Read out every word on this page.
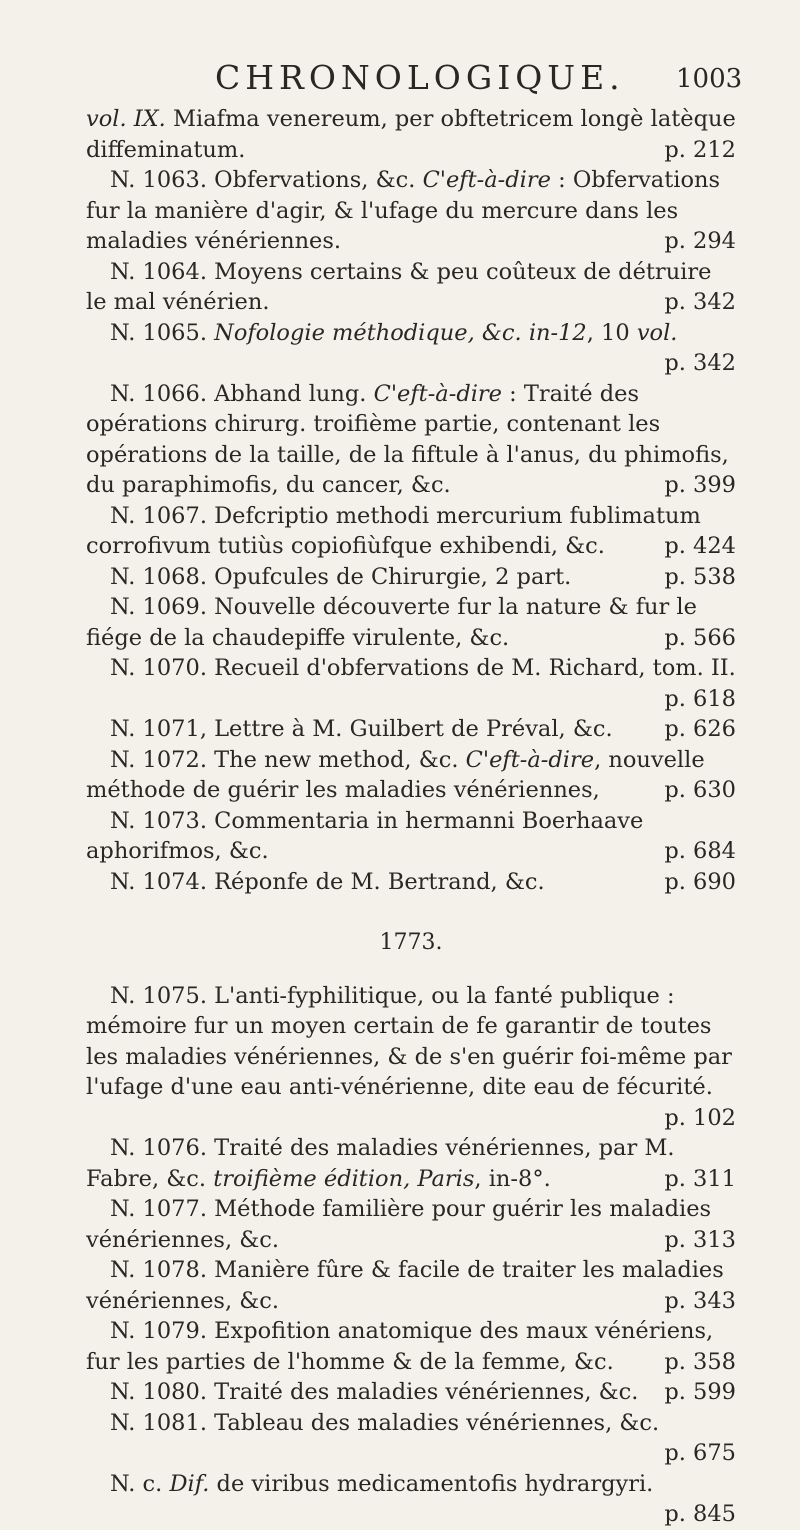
CHRONOLOGIQUE. 1003

vol. IX. Miafma venereum, per obftetricem longè latèque diffeminatum.	p. 212

N. 1063. Obfervations, &c. C'eft-à-dire : Obfervations fur la manière d'agir, & l'ufage du mercure dans les maladies vénériennes.	p. 294

N. 1064. Moyens certains & peu coûteux de détruire le mal vénérien.	p. 342

N. 1065. Nofologie méthodique, &c. in-12, 10 vol.

p. 342

N. 1066. Abhand lung. C'eft-à-dire : Traité des opérations chirurg. troifième partie, contenant les opérations de la taille, de la fiftule à l'anus, du phimofis, du paraphimofis, du cancer, &c.	p. 399

N. 1067. Defcriptio methodi mercurium fublimatum corrofivum tutiùs copiofiùfque exhibendi, &c.	p. 424

N. 1068. Opufcules de Chirurgie, 2 part.	p. 538

N. 1069. Nouvelle découverte fur la nature & fur le fiége de la chaudepiffe virulente, &c.	p. 566

N. 1070. Recueil d'obfervations de M. Richard, tom. II.

p. 618

N. 1071, Lettre à M. Guilbert de Préval, &c.	p. 626

N. 1072. The new method, &c. C'eft-à-dire, nouvelle méthode de guérir les maladies vénériennes,	p. 630

N. 1073. Commentaria in hermanni Boerhaave aphorifmos, &c.	p. 684

N. 1074. Réponfe de M. Bertrand, &c.	p. 690

1773.

N. 1075. L'anti-fyphilitique, ou la fanté publique : mémoire fur un moyen certain de fe garantir de toutes les maladies vénériennes, & de s'en guérir foi-même par l'ufage d'une eau anti-vénérienne, dite eau de fécurité.

p. 102

N. 1076. Traité des maladies vénériennes, par M. Fabre, &c. troifième édition, Paris, in-8°.	p. 311

N. 1077. Méthode familière pour guérir les maladies vénériennes, &c.	p. 313

N. 1078. Manière fûre & facile de traiter les maladies vénériennes, &c.	p. 343

N. 1079. Expofition anatomique des maux vénériens, fur les parties de l'homme & de la femme, &c.	p. 358

N. 1080. Traité des maladies vénériennes, &c.	p. 599

N. 1081. Tableau des maladies vénériennes, &c.

p. 675

N. c. Dif. de viribus medicamentofis hydrargyri.

p. 845
